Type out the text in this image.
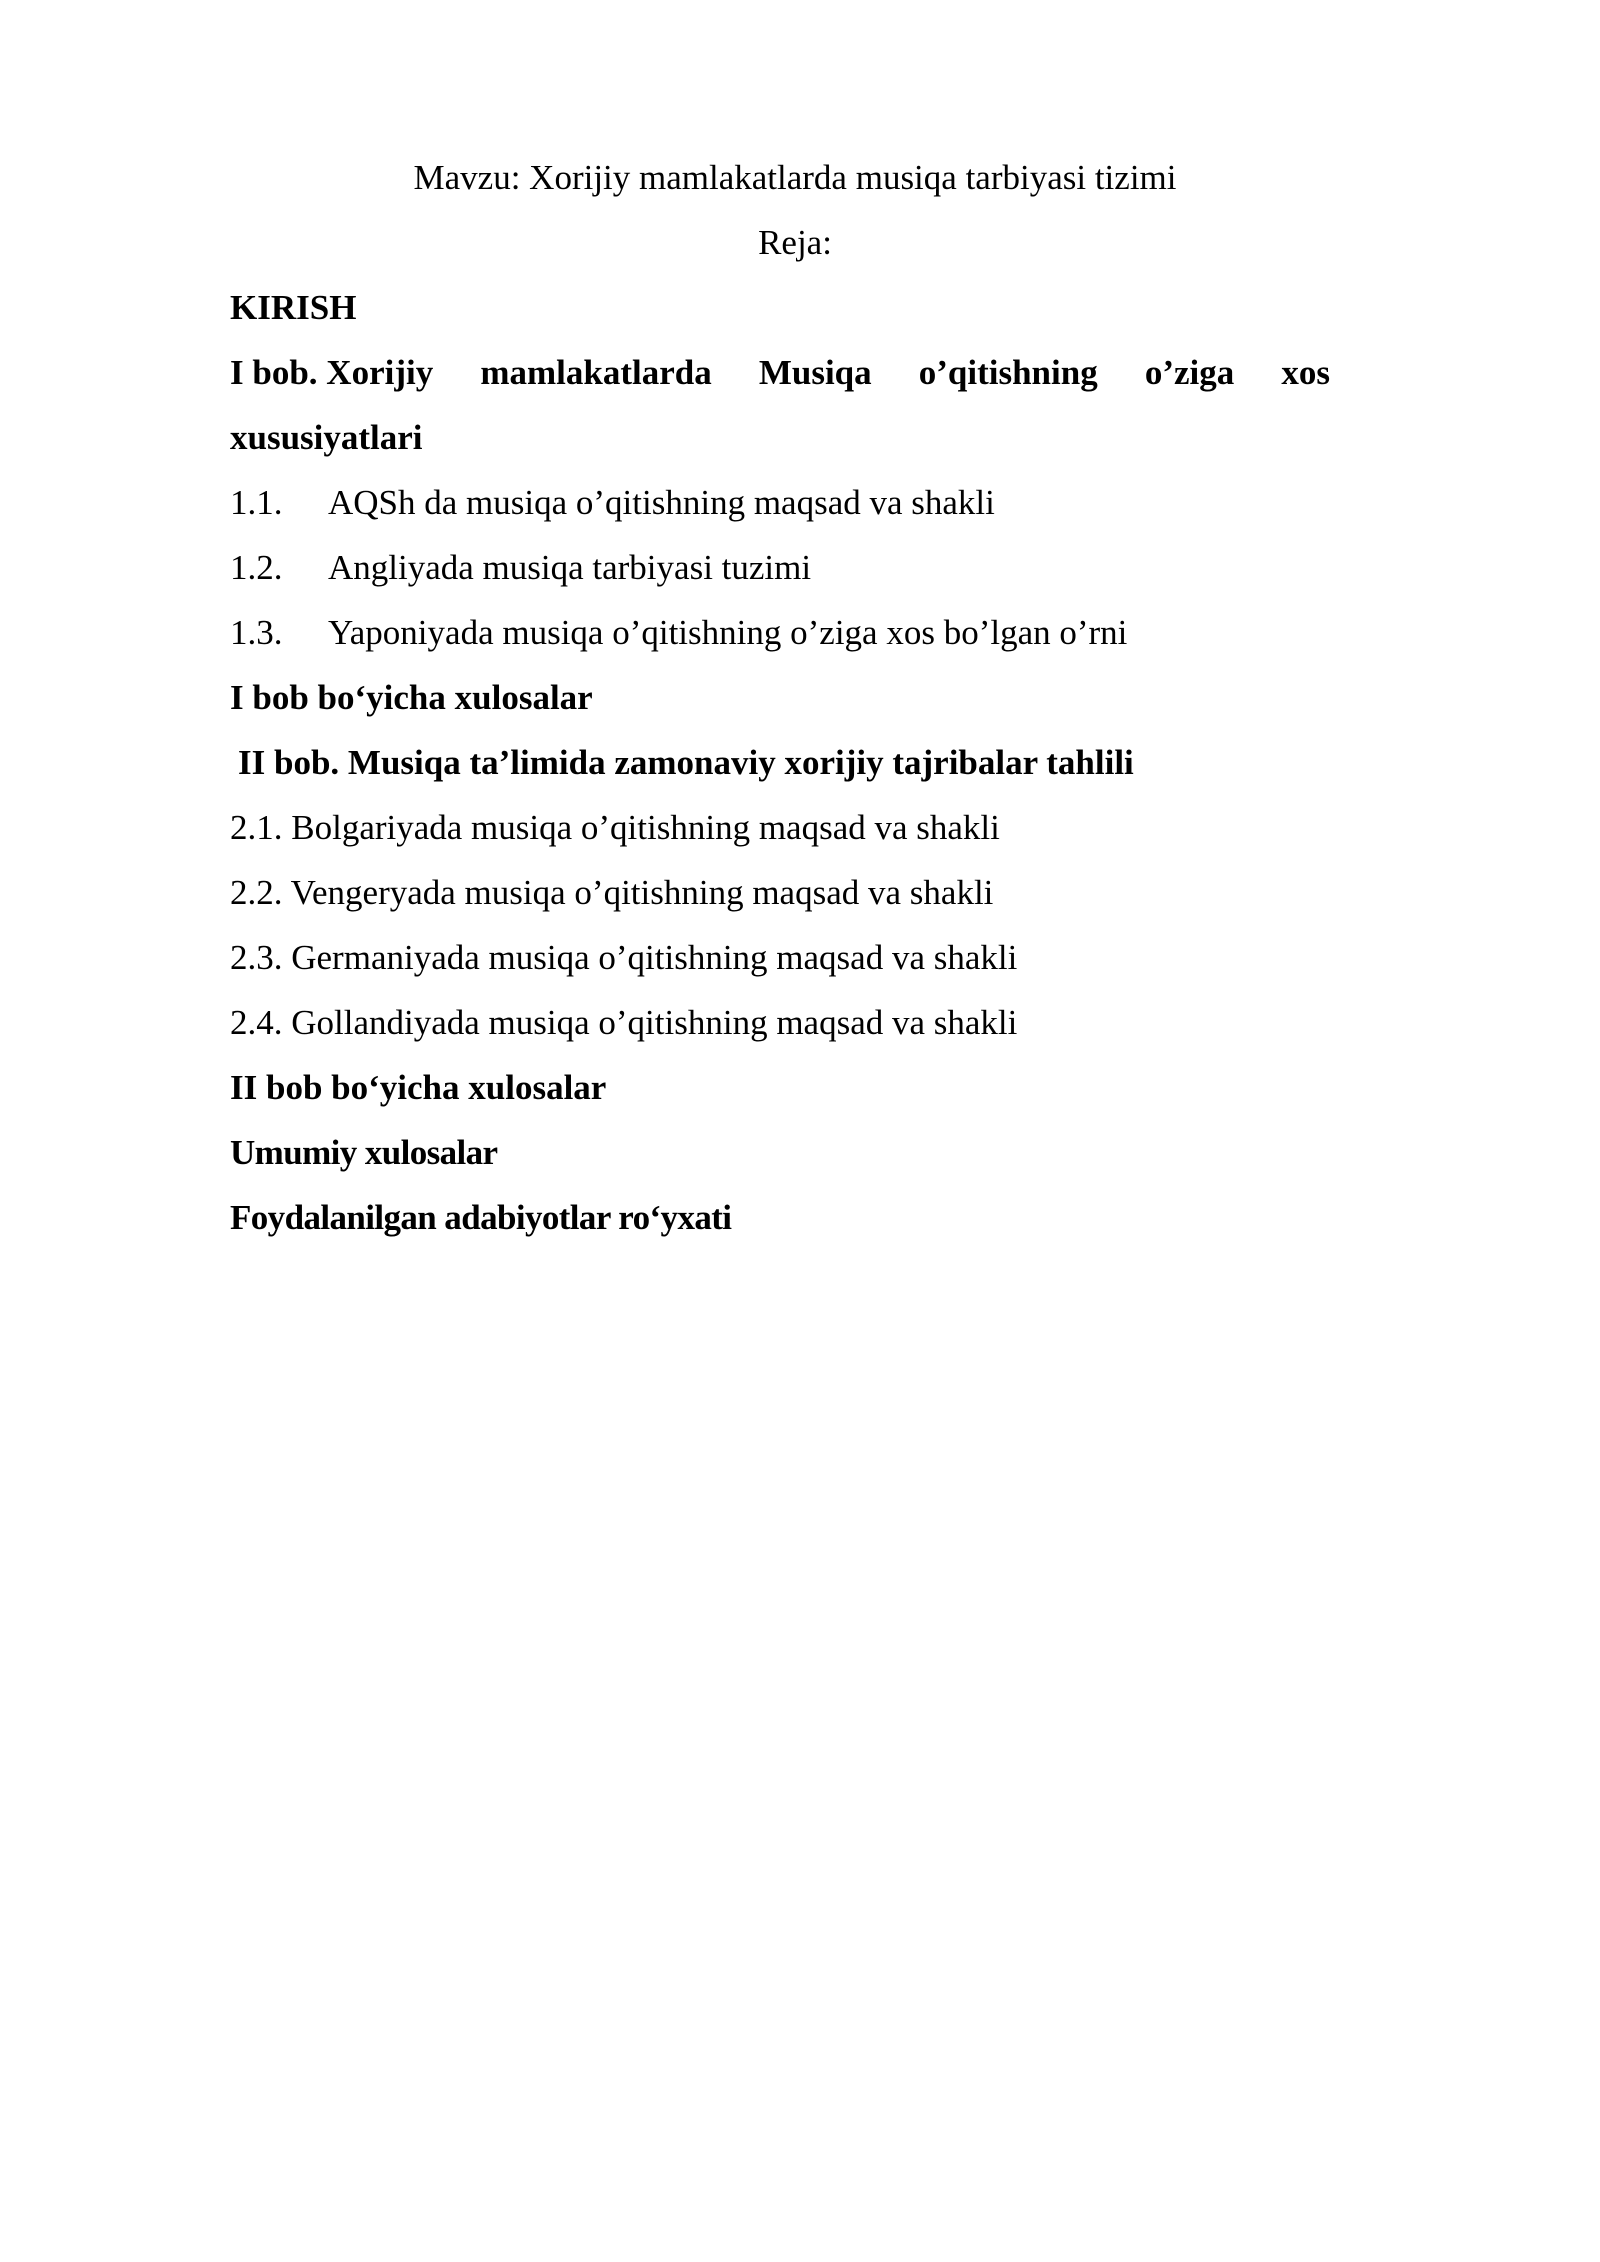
Mavzu: Xorijiy mamlakatlarda musiqa tarbiyasi tizimi
Reja:
KIRISH
I bob. Xorijiy mamlakatlarda Musiqa o’qitishning o’ziga xos
xususiyatlari
1.1. AQSh da musiqa o’qitishning maqsad va shakli
1.2. Angliyada musiqa tarbiyasi tuzimi
1.3. Yaponiyada musiqa o’qitishning o’ziga xos bo’lgan o’rni
I bob bo‘yicha xulosalar
II bob. Musiqa ta’limida zamonaviy xorijiy tajribalar tahlili
2.1. Bolgariyada musiqa o’qitishning maqsad va shakli
2.2. Vengeryada musiqa o’qitishning maqsad va shakli
2.3. Germaniyada musiqa o’qitishning maqsad va shakli
2.4. Gollandiyada musiqa o’qitishning maqsad va shakli
II bob bo‘yicha xulosalar
Umumiy xulosalar
Foydalanilgan adabiyotlar ro‘yxati
